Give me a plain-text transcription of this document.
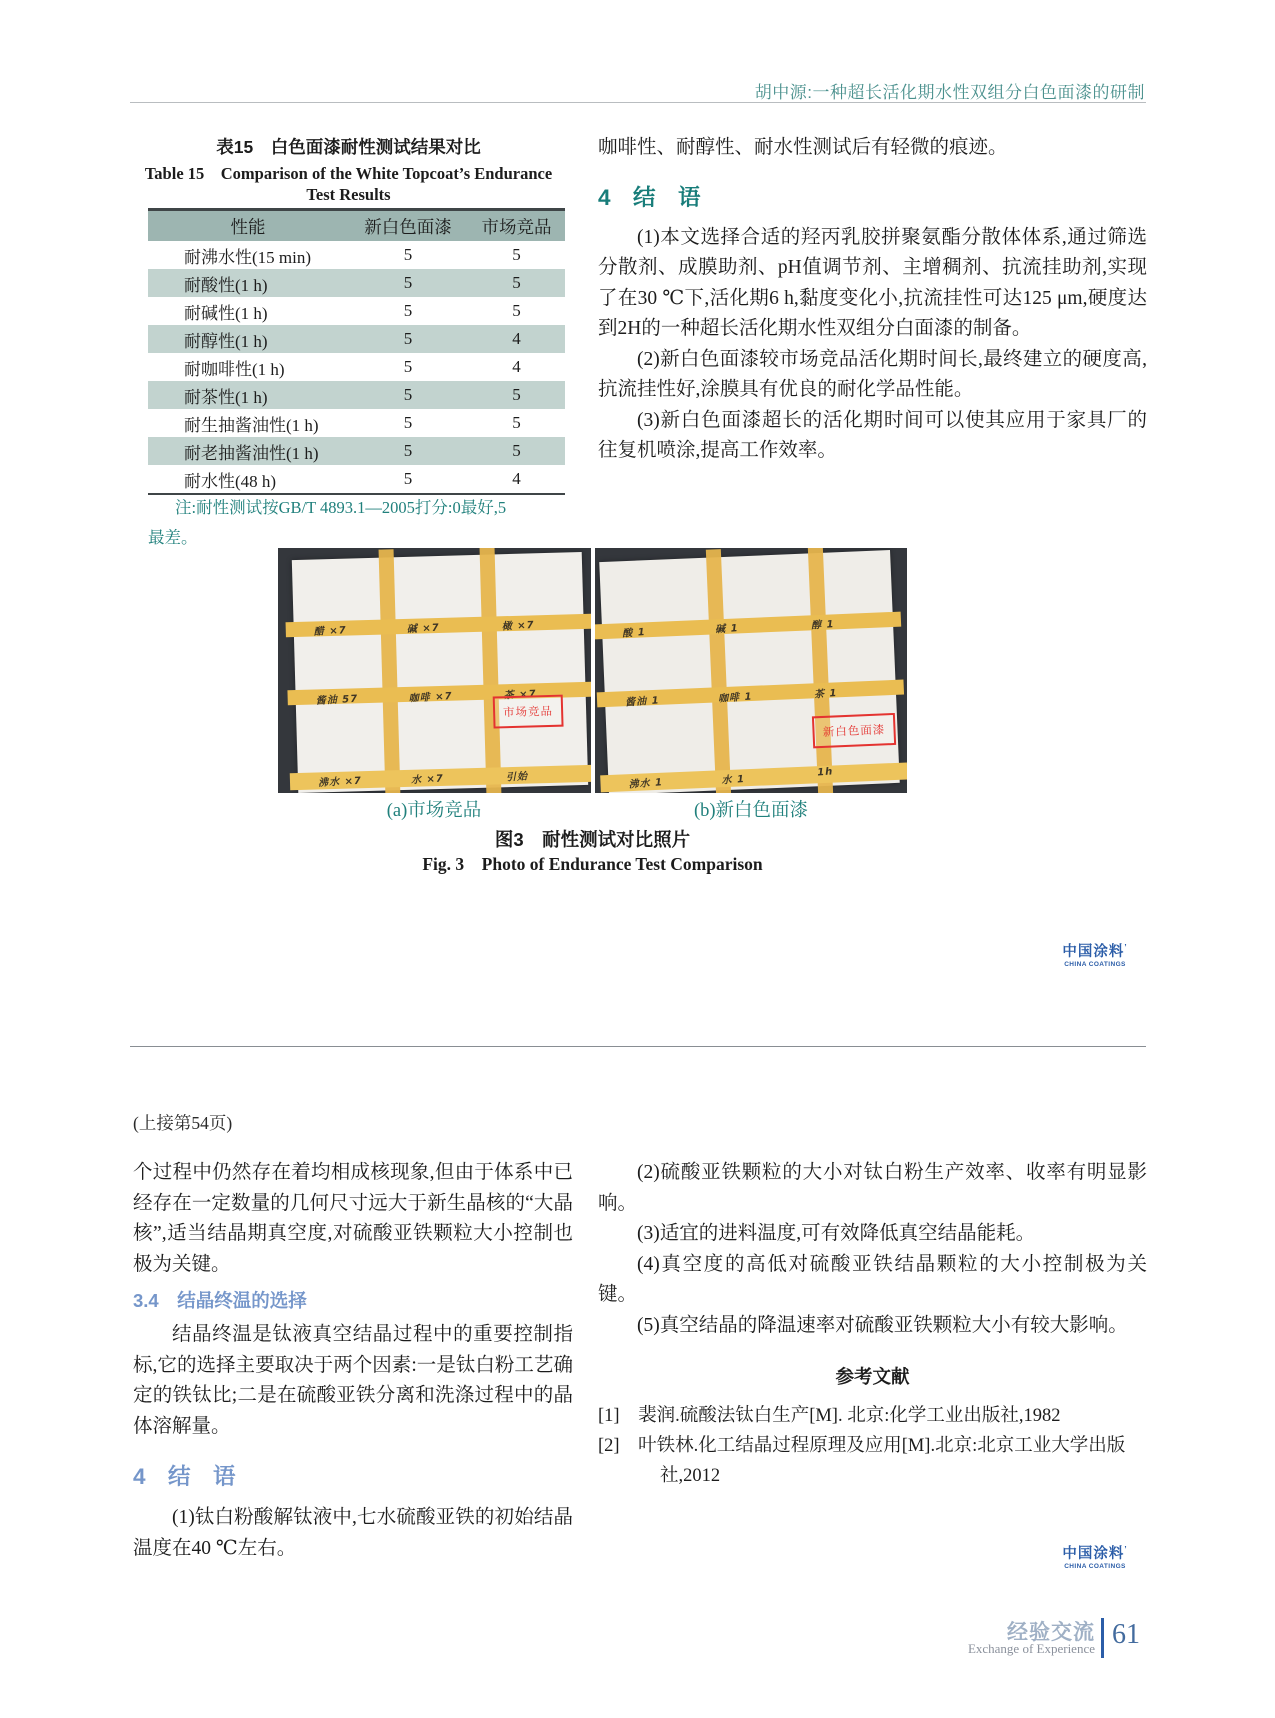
胡中源:一种超长活化期水性双组分白色面漆的研制
表15　白色面漆耐性测试结果对比
Table 15　Comparison of the White Topcoat’s Endurance
Test Results
性能	新白色面漆	市场竞品
耐沸水性(15 min)	5	5
耐酸性(1 h)	5	5
耐碱性(1 h)	5	5
耐醇性(1 h)	5	4
耐咖啡性(1 h)	5	4
耐茶性(1 h)	5	5
耐生抽酱油性(1 h)	5	5
耐老抽酱油性(1 h)	5	5
耐水性(48 h)	5	4
注:耐性测试按GB/T 4893.1—2005打分:0最好,5
最差。

咖啡性、耐醇性、耐水性测试后有轻微的痕迹。

4　结　语

(1)本文选择合适的羟丙乳胶拼聚氨酯分散体体系,通过筛选分散剂、成膜助剂、pH值调节剂、主增稠剂、抗流挂助剂,实现了在30 ℃下,活化期6 h,黏度变化小,抗流挂性可达125 μm,硬度达到2H的一种超长活化期水性双组分白面漆的制备。

(2)新白色面漆较市场竞品活化期时间长,最终建立的硬度高,抗流挂性好,涂膜具有优良的耐化学品性能。

(3)新白色面漆超长的活化期时间可以使其应用于家具厂的往复机喷涂,提高工作效率。

醋 ×7	碱 ×7	橄 ×7
酱油 57	咖啡 ×7	茶 ×7
沸水 ×7	水 ×7	引始
市场竞品
酸 1	碱 1	醇 1
酱油 1	咖啡 1	茶 1
沸水 1	水 1
1h
新白色面漆
(a)市场竞品	(b)新白色面漆
图3　耐性测试对比照片
Fig. 3　Photo of Endurance Test Comparison
中国涂料’
CHINA COATINGS
(上接第54页)

个过程中仍然存在着均相成核现象,但由于体系中已经存在一定数量的几何尺寸远大于新生晶核的“大晶核”,适当结晶期真空度,对硫酸亚铁颗粒大小控制也极为关键。

3.4　结晶终温的选择

结晶终温是钛液真空结晶过程中的重要控制指标,它的选择主要取决于两个因素:一是钛白粉工艺确定的铁钛比;二是在硫酸亚铁分离和洗涤过程中的晶体溶解量。

4　结　语

(1)钛白粉酸解钛液中,七水硫酸亚铁的初始结晶温度在40 ℃左右。

(2)硫酸亚铁颗粒的大小对钛白粉生产效率、收率有明显影响。

(3)适宜的进料温度,可有效降低真空结晶能耗。

(4)真空度的高低对硫酸亚铁结晶颗粒的大小控制极为关键。

(5)真空结晶的降温速率对硫酸亚铁颗粒大小有较大影响。

参考文献

[1]　裴润.硫酸法钛白生产[M]. 北京:化学工业出版社,1982

[2]　叶铁林.化工结晶过程原理及应用[M].北京:北京工业大学出版社,2012

中国涂料’
CHINA COATINGS
经验交流
Exchange of Experience 61
